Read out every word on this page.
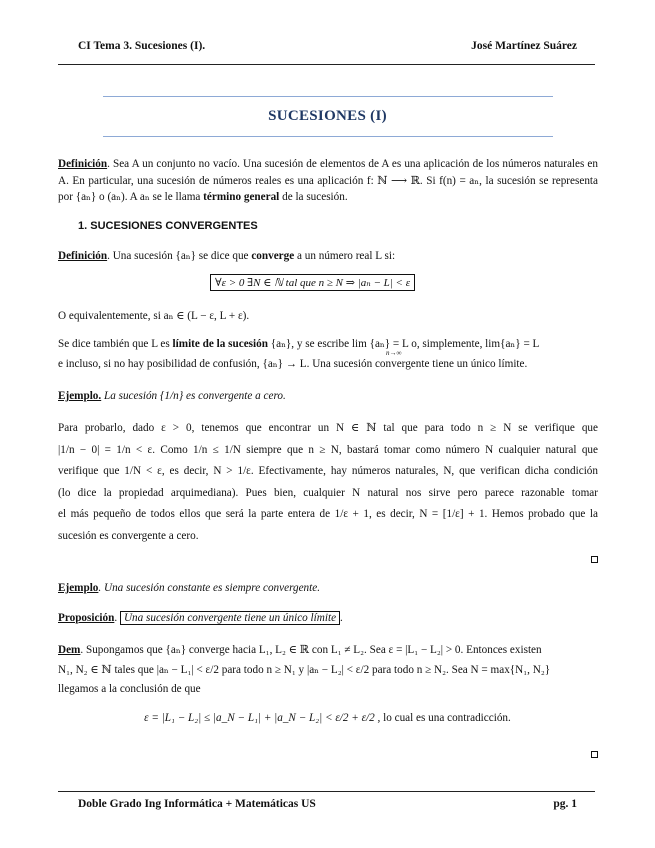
CI Tema 3. Sucesiones (I).	José Martínez Suárez
SUCESIONES (I)
Definición. Sea A un conjunto no vacío. Una sucesión de elementos de A es una aplicación de los números naturales en A. En particular, una sucesión de números reales es una aplicación f: ℕ ⟶ ℝ. Si f(n) = aₙ, la sucesión se representa por {aₙ} o (aₙ). A aₙ se le llama término general de la sucesión.
1. SUCESIONES CONVERGENTES
Definición. Una sucesión {aₙ} se dice que converge a un número real L si:
∀ε > 0 ∃N ∈ ℕ tal que n ≥ N ⇒ |aₙ − L| < ε
O equivalentemente, si aₙ ∈ (L − ε, L + ε).
Se dice también que L es límite de la sucesión {aₙ}, y se escribe lim {aₙ} = L o, simplemente, lim{aₙ} = L
n→∞
e incluso, si no hay posibilidad de confusión, {aₙ} → L. Una sucesión convergente tiene un único límite.
Ejemplo. La sucesión {1/n} es convergente a cero.
Para probarlo, dado ε > 0, tenemos que encontrar un N ∈ ℕ tal que para todo n ≥ N se verifique que
|1/n − 0| = 1/n < ε. Como 1/n ≤ 1/N siempre que n ≥ N, bastará tomar como número N cualquier natural que
verifique que 1/N < ε, es decir, N > 1/ε. Efectivamente, hay números naturales, N, que verifican dicha condición
(lo dice la propiedad arquimediana). Pues bien, cualquier N natural nos sirve pero parece razonable tomar
el más pequeño de todos ellos que será la parte entera de 1/ε + 1, es decir, N = [1/ε] + 1. Hemos probado que la
sucesión es convergente a cero.
Ejemplo. Una sucesión constante es siempre convergente.
Proposición. Una sucesión convergente tiene un único límite .
Dem. Supongamos que {aₙ} converge hacia L₁, L₂ ∈ ℝ con L₁ ≠ L₂. Sea ε = |L₁ − L₂| > 0. Entonces existen
N₁, N₂ ∈ ℕ tales que |aₙ − L₁| < ε/2 para todo n ≥ N₁ y |aₙ − L₂| < ε/2 para todo n ≥ N₂. Sea N = max{N₁, N₂}
llegamos a la conclusión de que
ε = |L₁ − L₂| ≤ |a_N − L₁| + |a_N − L₂| < ε/2 + ε/2 , lo cual es una contradicción.
Doble Grado Ing Informática + Matemáticas US	pg. 1
